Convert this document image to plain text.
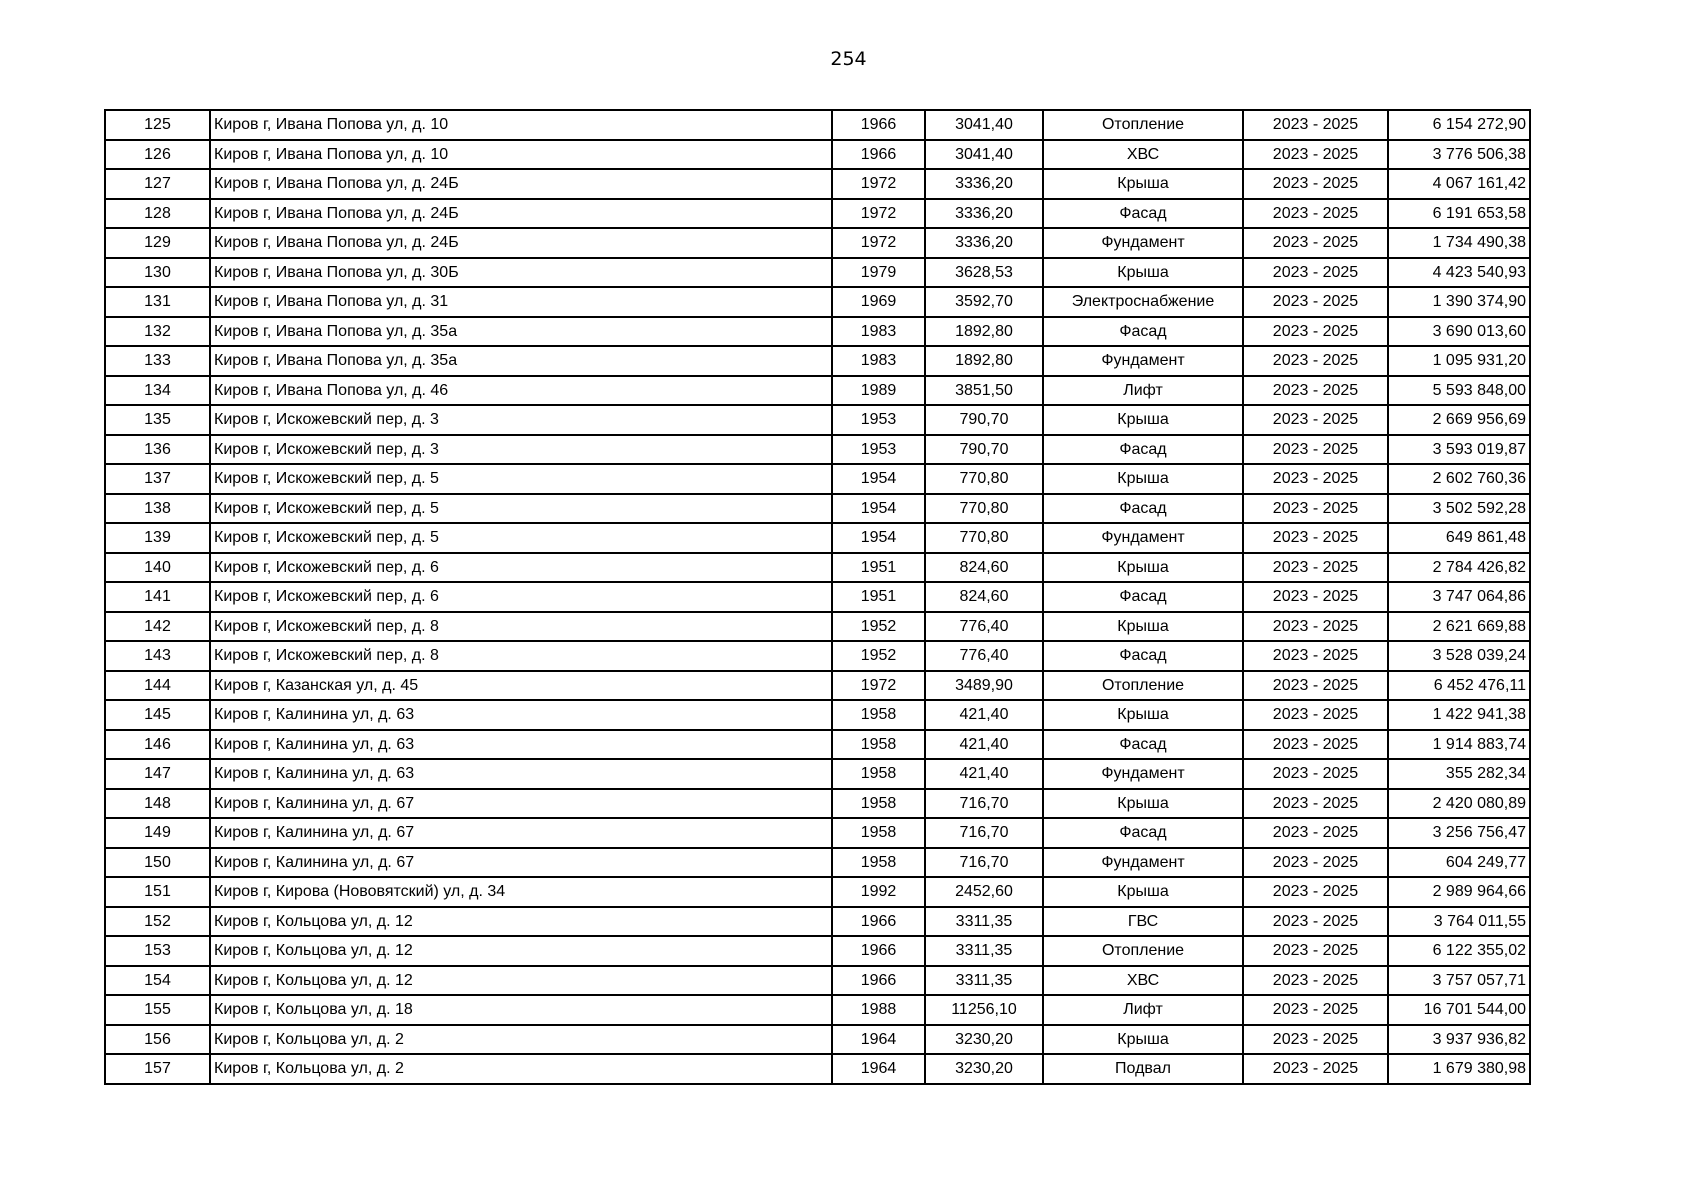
254
125	Киров г, Ивана Попова ул, д. 10	1966	3041,40	Отопление	2023 - 2025	6 154 272,90
126	Киров г, Ивана Попова ул, д. 10	1966	3041,40	ХВС	2023 - 2025	3 776 506,38
127	Киров г, Ивана Попова ул, д. 24Б	1972	3336,20	Крыша	2023 - 2025	4 067 161,42
128	Киров г, Ивана Попова ул, д. 24Б	1972	3336,20	Фасад	2023 - 2025	6 191 653,58
129	Киров г, Ивана Попова ул, д. 24Б	1972	3336,20	Фундамент	2023 - 2025	1 734 490,38
130	Киров г, Ивана Попова ул, д. 30Б	1979	3628,53	Крыша	2023 - 2025	4 423 540,93
131	Киров г, Ивана Попова ул, д. 31	1969	3592,70	Электроснабжение	2023 - 2025	1 390 374,90
132	Киров г, Ивана Попова ул, д. 35а	1983	1892,80	Фасад	2023 - 2025	3 690 013,60
133	Киров г, Ивана Попова ул, д. 35а	1983	1892,80	Фундамент	2023 - 2025	1 095 931,20
134	Киров г, Ивана Попова ул, д. 46	1989	3851,50	Лифт	2023 - 2025	5 593 848,00
135	Киров г, Искожевский пер, д. 3	1953	790,70	Крыша	2023 - 2025	2 669 956,69
136	Киров г, Искожевский пер, д. 3	1953	790,70	Фасад	2023 - 2025	3 593 019,87
137	Киров г, Искожевский пер, д. 5	1954	770,80	Крыша	2023 - 2025	2 602 760,36
138	Киров г, Искожевский пер, д. 5	1954	770,80	Фасад	2023 - 2025	3 502 592,28
139	Киров г, Искожевский пер, д. 5	1954	770,80	Фундамент	2023 - 2025	649 861,48
140	Киров г, Искожевский пер, д. 6	1951	824,60	Крыша	2023 - 2025	2 784 426,82
141	Киров г, Искожевский пер, д. 6	1951	824,60	Фасад	2023 - 2025	3 747 064,86
142	Киров г, Искожевский пер, д. 8	1952	776,40	Крыша	2023 - 2025	2 621 669,88
143	Киров г, Искожевский пер, д. 8	1952	776,40	Фасад	2023 - 2025	3 528 039,24
144	Киров г, Казанская ул, д. 45	1972	3489,90	Отопление	2023 - 2025	6 452 476,11
145	Киров г, Калинина ул, д. 63	1958	421,40	Крыша	2023 - 2025	1 422 941,38
146	Киров г, Калинина ул, д. 63	1958	421,40	Фасад	2023 - 2025	1 914 883,74
147	Киров г, Калинина ул, д. 63	1958	421,40	Фундамент	2023 - 2025	355 282,34
148	Киров г, Калинина ул, д. 67	1958	716,70	Крыша	2023 - 2025	2 420 080,89
149	Киров г, Калинина ул, д. 67	1958	716,70	Фасад	2023 - 2025	3 256 756,47
150	Киров г, Калинина ул, д. 67	1958	716,70	Фундамент	2023 - 2025	604 249,77
151	Киров г, Кирова (Нововятский) ул, д. 34	1992	2452,60	Крыша	2023 - 2025	2 989 964,66
152	Киров г, Кольцова ул, д. 12	1966	3311,35	ГВС	2023 - 2025	3 764 011,55
153	Киров г, Кольцова ул, д. 12	1966	3311,35	Отопление	2023 - 2025	6 122 355,02
154	Киров г, Кольцова ул, д. 12	1966	3311,35	ХВС	2023 - 2025	3 757 057,71
155	Киров г, Кольцова ул, д. 18	1988	11256,10	Лифт	2023 - 2025	16 701 544,00
156	Киров г, Кольцова ул, д. 2	1964	3230,20	Крыша	2023 - 2025	3 937 936,82
157	Киров г, Кольцова ул, д. 2	1964	3230,20	Подвал	2023 - 2025	1 679 380,98
